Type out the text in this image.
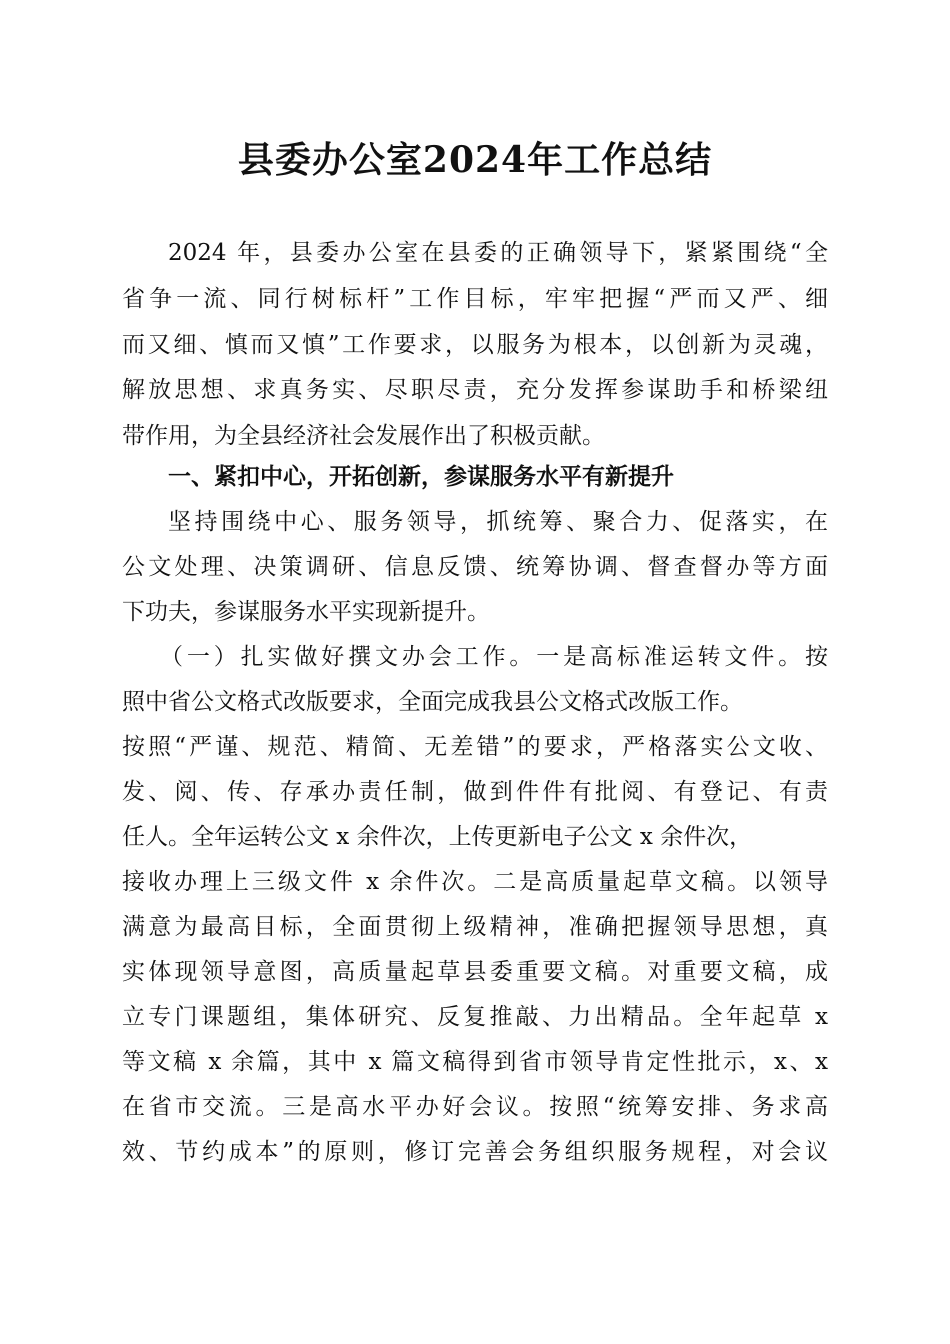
县委办公室2024年工作总结
2024 年，县委办公室在县委的正确领导下，紧紧围绕“全
省争一流、同行树标杆”工作目标，牢牢把握“严而又严、细
而又细、慎而又慎”工作要求，以服务为根本，以创新为灵魂，
解放思想、求真务实、尽职尽责，充分发挥参谋助手和桥梁纽
带作用，为全县经济社会发展作出了积极贡献。
一、紧扣中心，开拓创新，参谋服务水平有新提升
坚持围绕中心、服务领导，抓统筹、聚合力、促落实，在
公文处理、决策调研、信息反馈、统筹协调、督查督办等方面
下功夫，参谋服务水平实现新提升。
（一）扎实做好撰文办会工作。一是高标准运转文件。按
照中省公文格式改版要求，全面完成我县公文格式改版工作。
按照“严谨、规范、精简、无差错”的要求，严格落实公文收、
发、阅、传、存承办责任制，做到件件有批阅、有登记、有责
任人。全年运转公文 x 余件次，上传更新电子公文 x 余件次，
接收办理上三级文件 x 余件次。二是高质量起草文稿。以领导
满意为最高目标，全面贯彻上级精神，准确把握领导思想，真
实体现领导意图，高质量起草县委重要文稿。对重要文稿，成
立专门课题组，集体研究、反复推敲、力出精品。全年起草 x
等文稿 x 余篇，其中 x 篇文稿得到省市领导肯定性批示，x、x
在省市交流。三是高水平办好会议。按照“统筹安排、务求高
效、节约成本”的原则，修订完善会务组织服务规程，对会议
